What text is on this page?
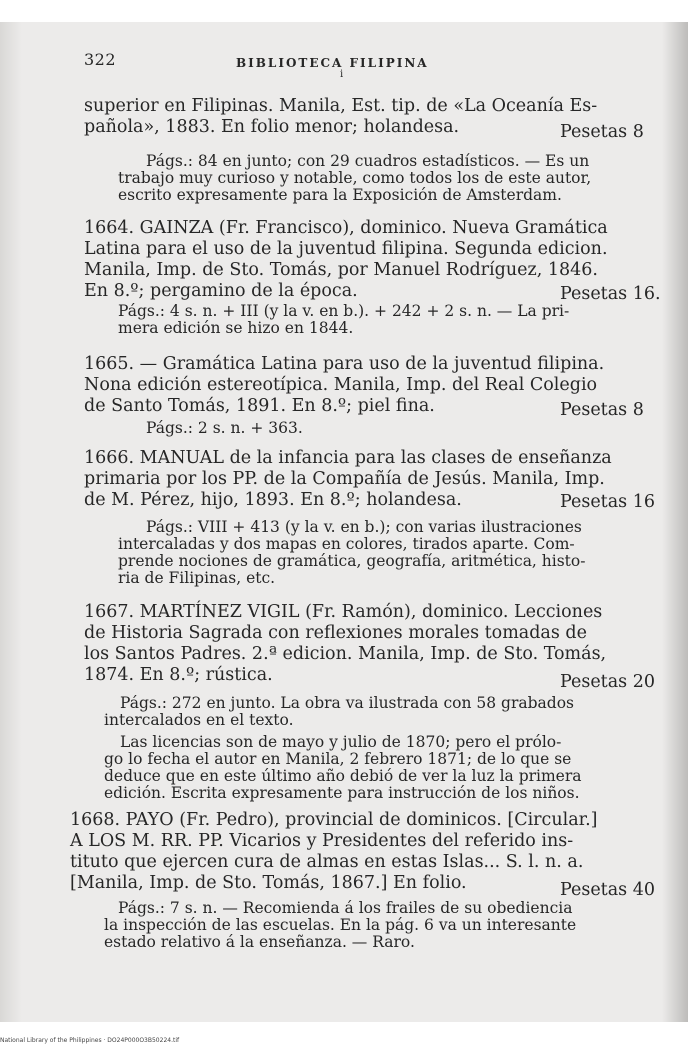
322	BIBLIOTECA FILIPINA
i
superior en Filipinas. Manila, Est. tip. de «La Oceanía Es-
pañola», 1883. En folio menor; holandesa.	Pesetas 8
Págs.: 84 en junto; con 29 cuadros estadísticos. — Es un
trabajo muy curioso y notable, como todos los de este autor,
escrito expresamente para la Exposición de Amsterdam.
1664. GAINZA (Fr. Francisco), dominico. Nueva Gramática
Latina para el uso de la juventud filipina. Segunda edicion.
Manila, Imp. de Sto. Tomás, por Manuel Rodríguez, 1846.
En 8.º; pergamino de la época.	Pesetas 16.
Págs.: 4 s. n. + III (y la v. en b.). + 242 + 2 s. n. — La pri-
mera edición se hizo en 1844.
1665. — Gramática Latina para uso de la juventud filipina.
Nona edición estereotípica. Manila, Imp. del Real Colegio
de Santo Tomás, 1891. En 8.º; piel fina.	Pesetas 8
Págs.: 2 s. n. + 363.
1666. MANUAL de la infancia para las clases de enseñanza
primaria por los PP. de la Compañía de Jesús. Manila, Imp.
de M. Pérez, hijo, 1893. En 8.º; holandesa.	Pesetas 16
Págs.: VIII + 413 (y la v. en b.); con varias ilustraciones
intercaladas y dos mapas en colores, tirados aparte. Com-
prende nociones de gramática, geografía, aritmética, histo-
ria de Filipinas, etc.
1667. MARTÍNEZ VIGIL (Fr. Ramón), dominico. Lecciones
de Historia Sagrada con reflexiones morales tomadas de
los Santos Padres. 2.ª edicion. Manila, Imp. de Sto. Tomás,
1874. En 8.º; rústica.	Pesetas 20
Págs.: 272 en junto. La obra va ilustrada con 58 grabados
intercalados en el texto.
Las licencias son de mayo y julio de 1870; pero el prólo-
go lo fecha el autor en Manila, 2 febrero 1871; de lo que se
deduce que en este último año debió de ver la luz la primera
edición. Escrita expresamente para instrucción de los niños.
1668. PAYO (Fr. Pedro), provincial de dominicos. [Circular.]
A LOS M. RR. PP. Vicarios y Presidentes del referido ins-
tituto que ejercen cura de almas en estas Islas... S. l. n. a.
[Manila, Imp. de Sto. Tomás, 1867.] En folio.	Pesetas 40
Págs.: 7 s. n. — Recomienda á los frailes de su obediencia
la inspección de las escuelas. En la pág. 6 va un interesante
estado relativo á la enseñanza. — Raro.
National Library of the Philippines · DO24P000O3B50224.tif
